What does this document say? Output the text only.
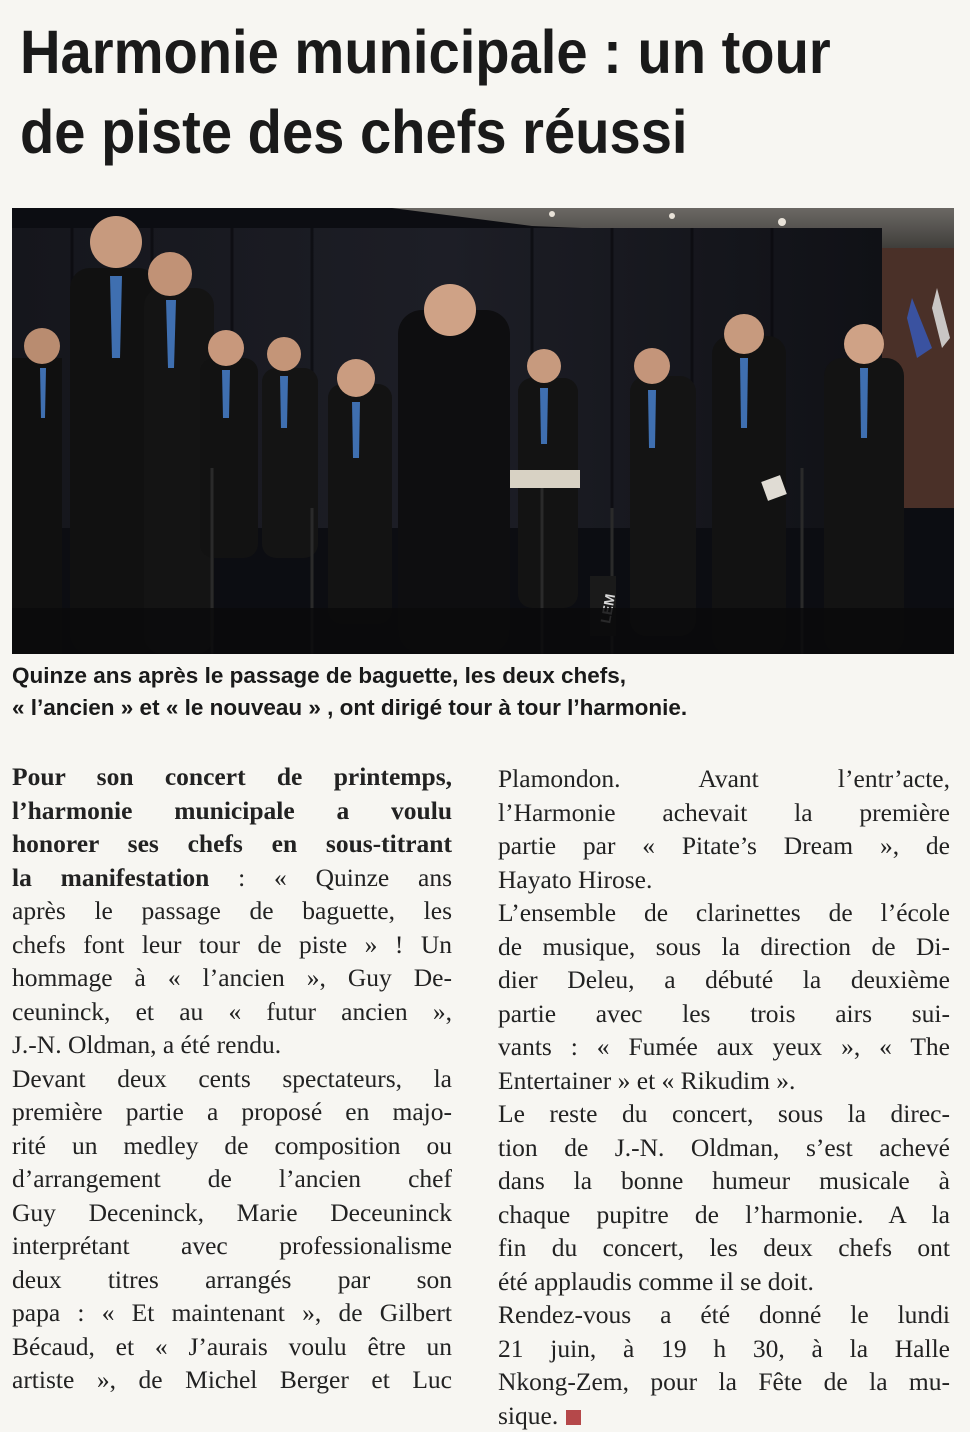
Harmonie municipale : un tour
de piste des chefs réussi
Quinze ans après le passage de baguette, les deux chefs,
« l’ancien » et « le nouveau » , ont dirigé tour à tour l’harmonie.
Pour son concert de printemps,
l’harmonie municipale a voulu
honorer ses chefs en sous-titrant
la manifestation : « Quinze ans
après le passage de baguette, les
chefs font leur tour de piste » ! Un
hommage à « l’ancien », Guy De-
ceuninck, et au « futur ancien »,
J.-N. Oldman, a été rendu.
Devant deux cents spectateurs, la
première partie a proposé en majo-
rité un medley de composition ou
d’arrangement de l’ancien chef
Guy Deceninck, Marie Deceuninck
interprétant avec professionalisme
deux titres arrangés par son
papa : « Et maintenant », de Gilbert
Bécaud, et « J’aurais voulu être un
artiste », de Michel Berger et Luc
Plamondon. Avant l’entr’acte,
l’Harmonie achevait la première
partie par « Pitate’s Dream », de
Hayato Hirose.
L’ensemble de clarinettes de l’école
de musique, sous la direction de Di-
dier Deleu, a débuté la deuxième
partie avec les trois airs sui-
vants : « Fumée aux yeux », « The
Entertainer » et « Rikudim ».
Le reste du concert, sous la direc-
tion de J.-N. Oldman, s’est achevé
dans la bonne humeur musicale à
chaque pupitre de l’harmonie. A la
fin du concert, les deux chefs ont
été applaudis comme il se doit.
Rendez-vous a été donné le lundi
21 juin, à 19 h 30, à la Halle
Nkong-Zem, pour la Fête de la mu-
sique.
